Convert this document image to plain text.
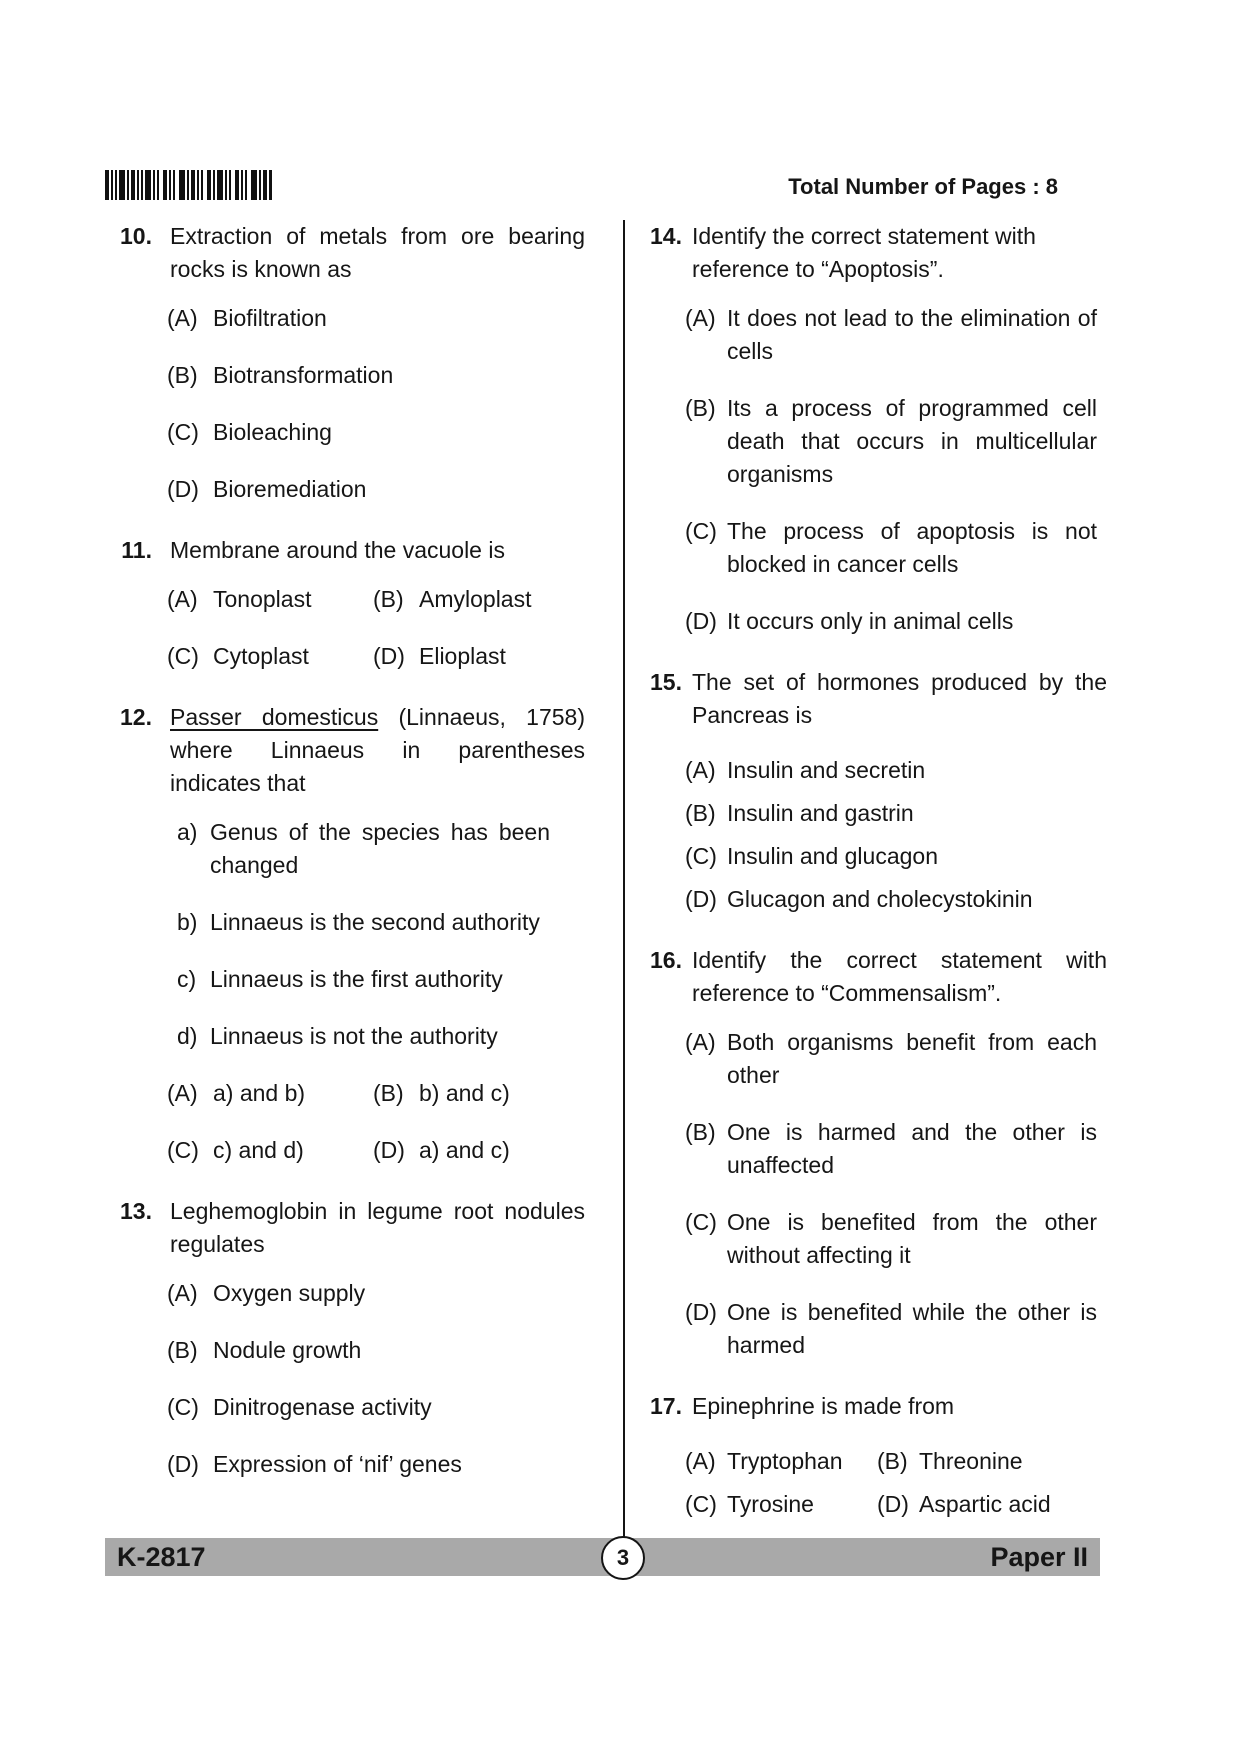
Total Number of Pages : 8
10. Extraction of metals from ore bearing rocks is known as
(A) Biofiltration
(B) Biotransformation
(C) Bioleaching
(D) Bioremediation
11. Membrane around the vacuole is
(A) Tonoplast	(B) Amyloplast
(C) Cytoplast	(D) Elioplast
12. Passer domesticus (Linnaeus, 1758) where Linnaeus in parentheses indicates that
a) Genus of the species has been changed
b) Linnaeus is the second authority
c) Linnaeus is the first authority
d) Linnaeus is not the authority
(A) a) and b)	(B) b) and c)
(C) c) and d)	(D) a) and c)
13. Leghemoglobin in legume root nodules regulates
(A) Oxygen supply
(B) Nodule growth
(C) Dinitrogenase activity
(D) Expression of ‘nif’ genes
14. Identify the correct statement with reference to “Apoptosis”.
(A) It does not lead to the elimination of cells
(B) Its a process of programmed cell death that occurs in multicellular organisms
(C) The process of apoptosis is not blocked in cancer cells
(D) It occurs only in animal cells
15. The set of hormones produced by the Pancreas is
(A) Insulin and secretin
(B) Insulin and gastrin
(C) Insulin and glucagon
(D) Glucagon and cholecystokinin
16. Identify the correct statement with reference to “Commensalism”.
(A) Both organisms benefit from each other
(B) One is harmed and the other is unaffected
(C) One is benefited from the other without affecting it
(D) One is benefited while the other is harmed
17. Epinephrine is made from
(A) Tryptophan (B) Threonine
(C) Tyrosine	(D) Aspartic acid
K-2817	Paper II
3
